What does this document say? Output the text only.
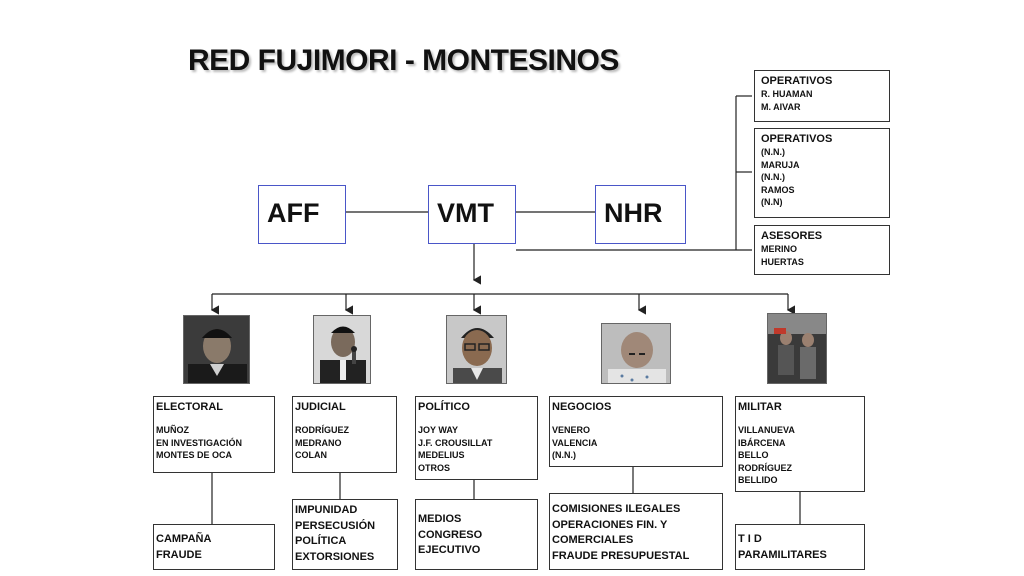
RED FUJIMORI - MONTESINOS
AFF	VMT	NHR
OPERATIVOS
R. HUAMAN
M. AIVAR
OPERATIVOS
(N.N.)
MARUJA
(N.N.)
RAMOS
(N.N)
ASESORES
MERINO
HUERTAS
ELECTORAL
MUÑOZ
EN INVESTIGACIÓN
MONTES DE OCA
CAMPAÑA
FRAUDE
JUDICIAL
RODRÍGUEZ
MEDRANO
COLAN
IMPUNIDAD
PERSECUSIÓN
POLÍTICA
EXTORSIONES
POLÍTICO
JOY WAY
J.F. CROUSILLAT
MEDELIUS
OTROS
MEDIOS
CONGRESO
EJECUTIVO
NEGOCIOS
VENERO
VALENCIA
(N.N.)
COMISIONES ILEGALES
OPERACIONES FIN. Y
COMERCIALES
FRAUDE PRESUPUESTAL
MILITAR
VILLANUEVA
IBÁRCENA
BELLO
RODRÍGUEZ
BELLIDO
T I D
PARAMILITARES
